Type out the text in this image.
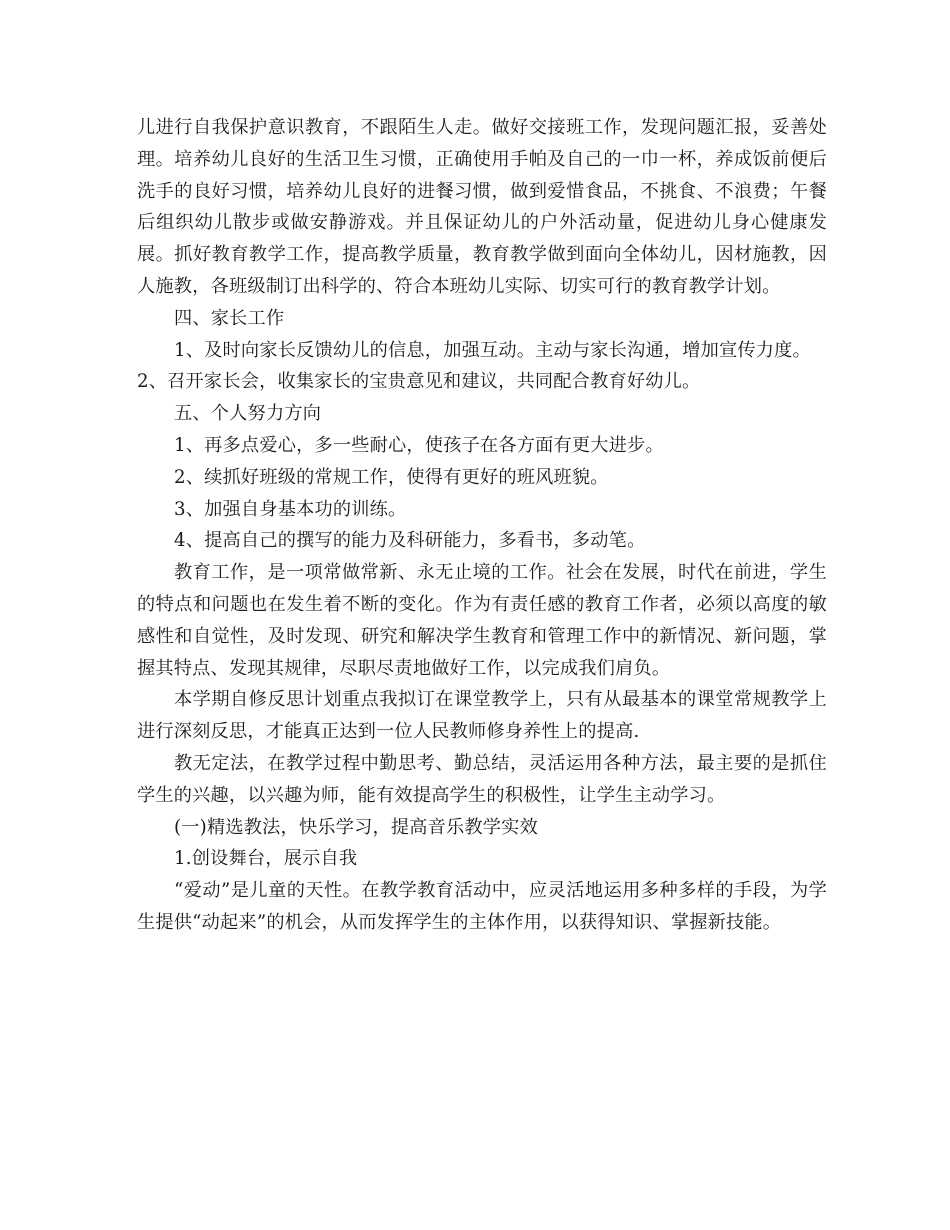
儿进行自我保护意识教育，不跟陌生人走。做好交接班工作，发现问题汇报，妥善处理。培养幼儿良好的生活卫生习惯，正确使用手帕及自己的一巾一杯，养成饭前便后洗手的良好习惯，培养幼儿良好的进餐习惯，做到爱惜食品，不挑食、不浪费；午餐后组织幼儿散步或做安静游戏。并且保证幼儿的户外活动量，促进幼儿身心健康发展。抓好教育教学工作，提高教学质量，教育教学做到面向全体幼儿，因材施教，因人施教，各班级制订出科学的、符合本班幼儿实际、切实可行的教育教学计划。

四、家长工作

1、及时向家长反馈幼儿的信息，加强互动。主动与家长沟通，增加宣传力度。

2、召开家长会，收集家长的宝贵意见和建议，共同配合教育好幼儿。

五、个人努力方向

1、再多点爱心，多一些耐心，使孩子在各方面有更大进步。

2、续抓好班级的常规工作，使得有更好的班风班貌。

3、加强自身基本功的训练。

4、提高自己的撰写的能力及科研能力，多看书，多动笔。

教育工作，是一项常做常新、永无止境的工作。社会在发展，时代在前进，学生的特点和问题也在发生着不断的变化。作为有责任感的教育工作者，必须以高度的敏感性和自觉性，及时发现、研究和解决学生教育和管理工作中的新情况、新问题，掌握其特点、发现其规律，尽职尽责地做好工作，以完成我们肩负。

本学期自修反思计划重点我拟订在课堂教学上，只有从最基本的课堂常规教学上进行深刻反思，才能真正达到一位人民教师修身养性上的提高.

教无定法，在教学过程中勤思考、勤总结，灵活运用各种方法，最主要的是抓住学生的兴趣，以兴趣为师，能有效提高学生的积极性，让学生主动学习。

(一)精选教法，快乐学习，提高音乐教学实效

1.创设舞台，展示自我

“爱动”是儿童的天性。在教学教育活动中，应灵活地运用多种多样的手段，为学生提供“动起来”的机会，从而发挥学生的主体作用，以获得知识、掌握新技能。
